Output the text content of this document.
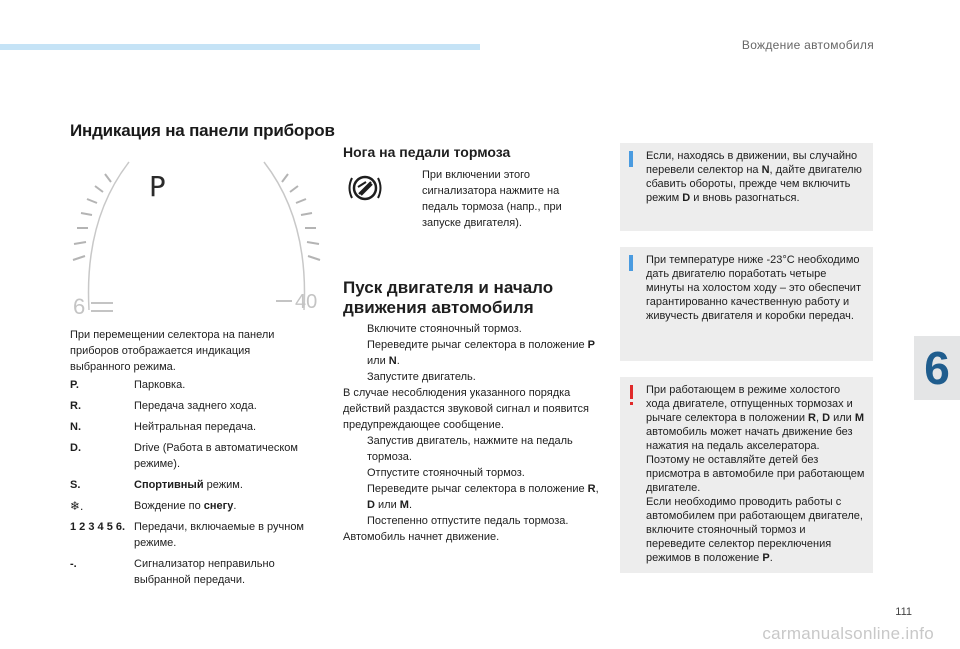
Вождение автомобиля
6
Индикация на панели приборов
P
6	40
При перемещении селектора на панели приборов отображается индикация выбранного режима.
P.	Парковка.
R.	Передача заднего хода.
N.	Нейтральная передача.
D.	Drive (Работа в автоматическом режиме).
S.	Спортивный режим.
❄.	Вождение по снегу.
1 2 3 4 5 6. Передачи, включаемые в ручном режиме.
-.	Сигнализатор неправильно выбранной передачи.
Нога на педали тормоза
При включении этого сигнализатора нажмите на педаль тормоза (напр., при запуске двигателя).
Пуск двигателя и начало движения автомобиля
Включите стояночный тормоз.
Переведите рычаг селектора в положение P или N.
Запустите двигатель.

В случае несоблюдения указанного порядка действий раздастся звуковой сигнал и появится предупреждающее сообщение.

Запустив двигатель, нажмите на педаль тормоза.
Отпустите стояночный тормоз.
Переведите рычаг селектора в положение R, D или M.
Постепенно отпустите педаль тормоза.

Автомобиль начнет движение.

Если, находясь в движении, вы случайно перевели селектор на N, дайте двигателю сбавить обороты, прежде чем включить режим D и вновь разогнаться.

При температуре ниже -23°C необходимо дать двигателю поработать четыре минуты на холостом ходу – это обеспечит гарантированно качественную работу и живучесть двигателя и коробки передач.

При работающем в режиме холостого хода двигателе, отпущенных тормозах и рычаге селектора в положении R, D или M автомобиль может начать движение без нажатия на педаль акселератора.

Поэтому не оставляйте детей без присмотра в автомобиле при работающем двигателе.

Если необходимо проводить работы с автомобилем при работающем двигателе, включите стояночный тормоз и переведите селектор переключения режимов в положение P.

111
carmanualsonline.info
